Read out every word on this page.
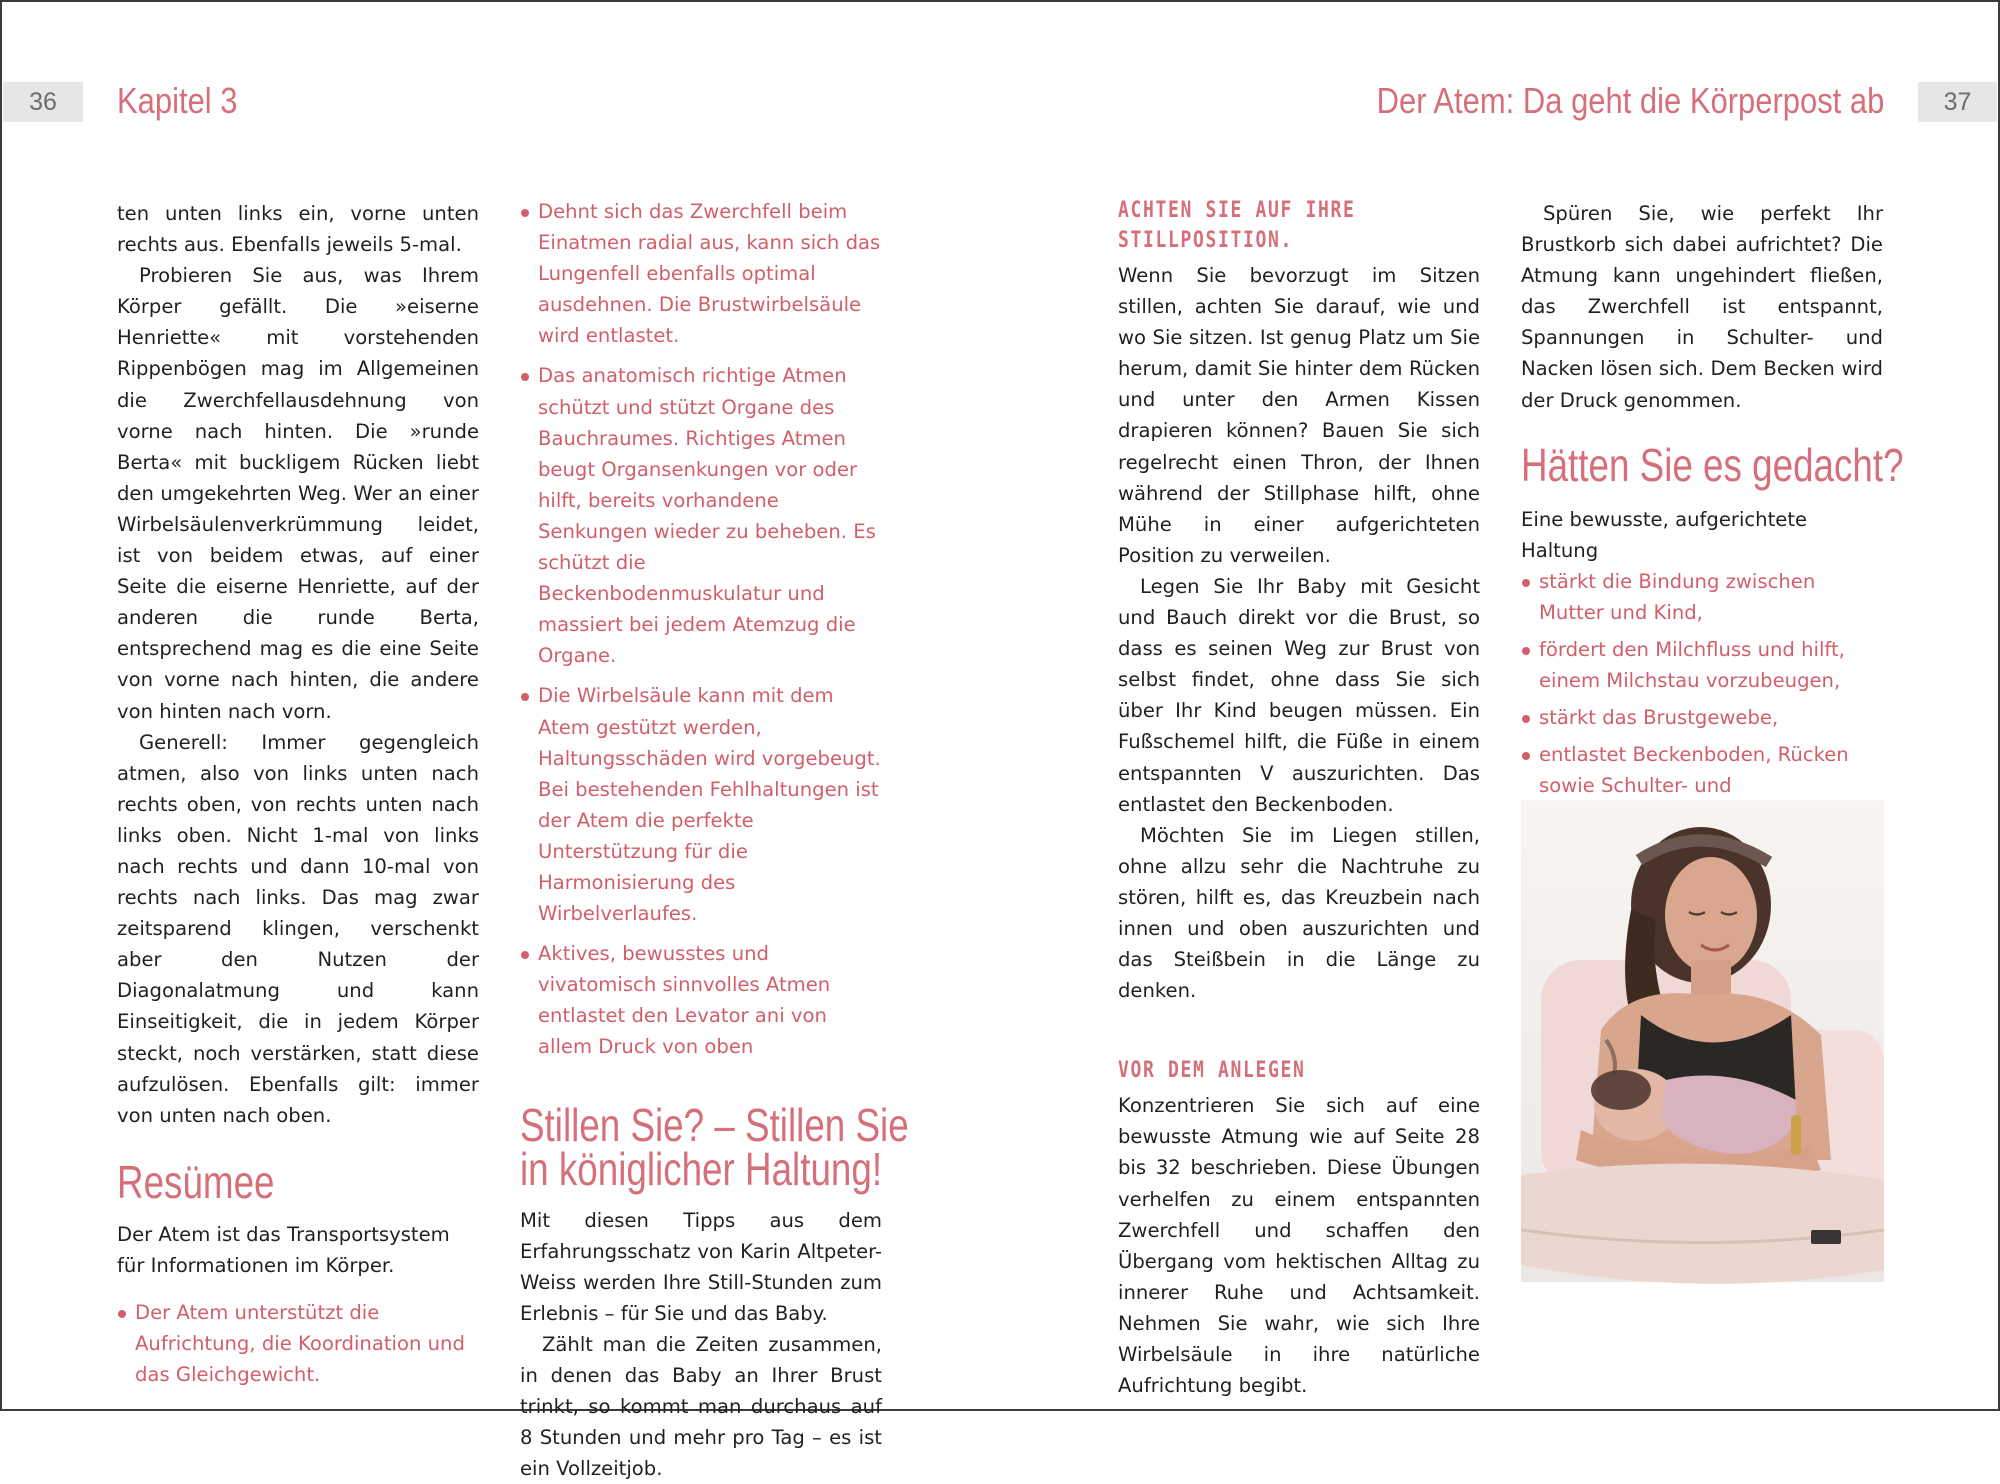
36 Kapitel 3	Der Atem: Da geht die Körperpost ab 37

ten unten links ein, vorne unten rechts aus. Ebenfalls jeweils 5-mal.

Probieren Sie aus, was Ihrem Körper gefällt. Die »eiserne Henriette« mit vorstehenden Rippenbögen mag im Allgemeinen die Zwerchfellausdehnung von vorne nach hinten. Die »runde Berta« mit buckligem Rücken liebt den umgekehrten Weg. Wer an einer Wirbelsäulenverkrümmung leidet, ist von beidem etwas, auf einer Seite die eiserne Henriette, auf der anderen die runde Berta, entsprechend mag es die eine Seite von vorne nach hinten, die andere von hinten nach vorn.

Generell: Immer gegengleich atmen, also von links unten nach rechts oben, von rechts unten nach links oben. Nicht 1-mal von links nach rechts und dann 10-mal von rechts nach links. Das mag zwar zeitsparend klingen, verschenkt aber den Nutzen der Diagonalatmung und kann Einseitigkeit, die in jedem Körper steckt, noch verstärken, statt diese aufzulösen. Ebenfalls gilt: immer von unten nach oben.

Resümee

Der Atem ist das Transportsystem für Informationen im Körper.

Der Atem unterstützt die Aufrichtung, die Koordination und das Gleichgewicht.
Dehnt sich das Zwerchfell beim Einatmen radial aus, kann sich das Lungenfell ebenfalls optimal ausdehnen. Die Brustwirbelsäule wird entlastet.
Das anatomisch richtige Atmen schützt und stützt Organe des Bauchraumes. Richtiges Atmen beugt Organsenkungen vor oder hilft, bereits vorhandene Senkungen wieder zu beheben. Es schützt die Beckenbodenmuskulatur und massiert bei jedem Atemzug die Organe.
Die Wirbelsäule kann mit dem Atem gestützt werden, Haltungsschäden wird vorgebeugt. Bei bestehenden Fehlhaltungen ist der Atem die perfekte Unterstützung für die Harmonisierung des Wirbelverlaufes.
Aktives, bewusstes und vivatomisch sinnvolles Atmen entlastet den Levator ani von allem Druck von oben
Stillen Sie? – Stillen Sie
in königlicher Haltung!

Mit diesen Tipps aus dem Erfahrungsschatz von Karin Altpeter-Weiss werden Ihre Still-Stunden zum Erlebnis – für Sie und das Baby.

Zählt man die Zeiten zusammen, in denen das Baby an Ihrer Brust trinkt, so kommt man durchaus auf 8 Stunden und mehr pro Tag – es ist ein Vollzeitjob.

ACHTEN SIE AUF IHRE
STILLPOSITION.

Wenn Sie bevorzugt im Sitzen stillen, achten Sie darauf, wie und wo Sie sitzen. Ist genug Platz um Sie herum, damit Sie hinter dem Rücken und unter den Armen Kissen drapieren können? Bauen Sie sich regelrecht einen Thron, der Ihnen während der Stillphase hilft, ohne Mühe in einer aufgerichteten Position zu verweilen.

Legen Sie Ihr Baby mit Gesicht und Bauch direkt vor die Brust, so dass es seinen Weg zur Brust von selbst findet, ohne dass Sie sich über Ihr Kind beugen müssen. Ein Fußschemel hilft, die Füße in einem entspannten V auszurichten. Das entlastet den Beckenboden.

Möchten Sie im Liegen stillen, ohne allzu sehr die Nachtruhe zu stören, hilft es, das Kreuzbein nach innen und oben auszurichten und das Steißbein in die Länge zu denken.

VOR DEM ANLEGEN

Konzentrieren Sie sich auf eine bewusste Atmung wie auf Seite 28 bis 32 beschrieben. Diese Übungen verhelfen zu einem entspannten Zwerchfell und schaffen den Übergang vom hektischen Alltag zu innerer Ruhe und Achtsamkeit. Nehmen Sie wahr, wie sich Ihre Wirbelsäule in ihre natürliche Aufrichtung begibt.

Spüren Sie, wie perfekt Ihr Brustkorb sich dabei aufrichtet? Die Atmung kann ungehindert fließen, das Zwerchfell ist entspannt, Spannungen in Schulter- und Nacken lösen sich. Dem Becken wird der Druck genommen.

Hätten Sie es gedacht?

Eine bewusste, aufgerichtete Haltung

stärkt die Bindung zwischen Mutter und Kind,
fördert den Milchfluss und hilft, einem Milchstau vorzubeugen,
stärkt das Brustgewebe,
entlastet Beckenboden, Rücken sowie Schulter- und
